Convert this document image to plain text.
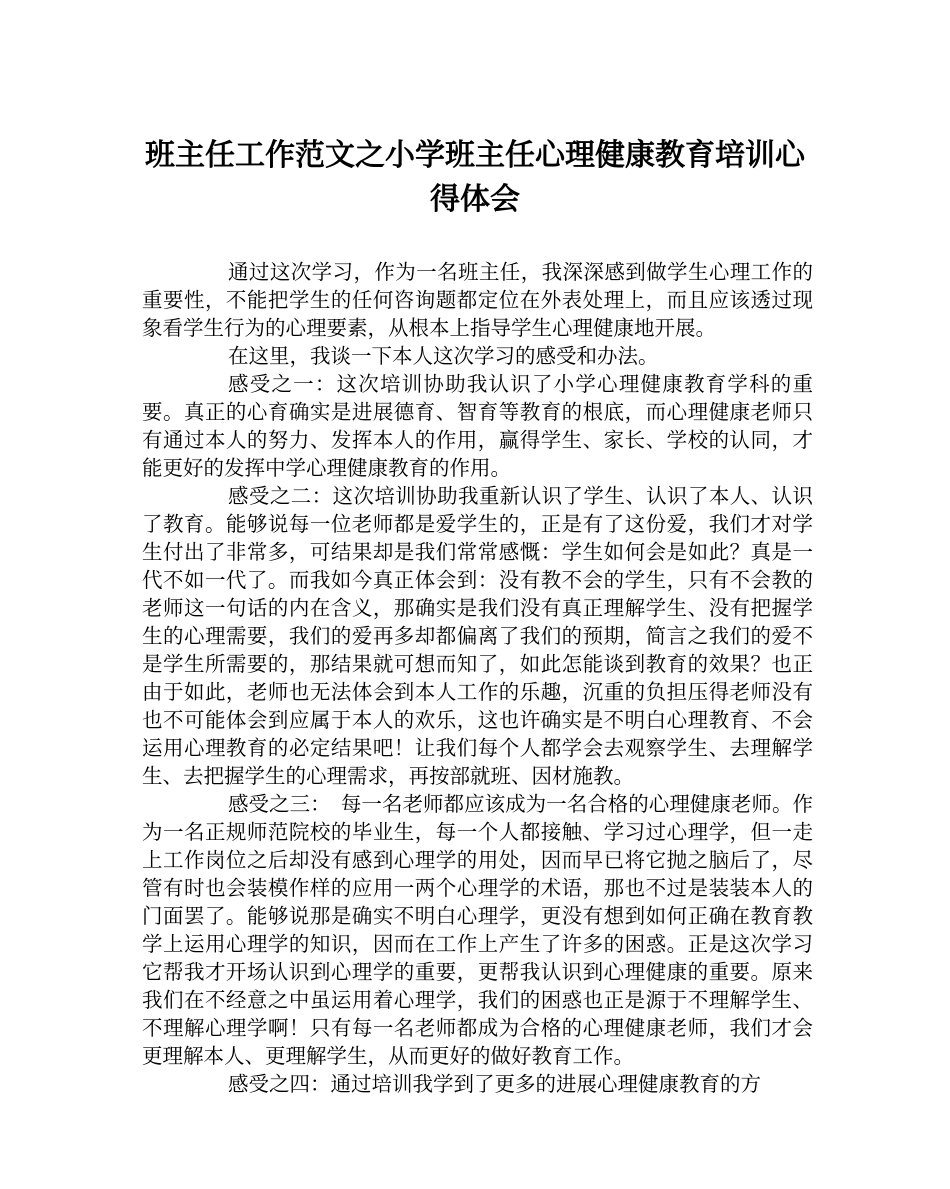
班主任工作范文之小学班主任心理健康教育培训心得体会

通过这次学习，作为一名班主任，我深深感到做学生心理工作的重要性，不能把学生的任何咨询题都定位在外表处理上，而且应该透过现象看学生行为的心理要素，从根本上指导学生心理健康地开展。

在这里，我谈一下本人这次学习的感受和办法。

感受之一：这次培训协助我认识了小学心理健康教育学科的重要。真正的心育确实是进展德育、智育等教育的根底，而心理健康老师只有通过本人的努力、发挥本人的作用，赢得学生、家长、学校的认同，才能更好的发挥中学心理健康教育的作用。

感受之二：这次培训协助我重新认识了学生、认识了本人、认识了教育。能够说每一位老师都是爱学生的，正是有了这份爱，我们才对学生付出了非常多，可结果却是我们常常感慨：学生如何会是如此？真是一代不如一代了。而我如今真正体会到：没有教不会的学生，只有不会教的老师这一句话的内在含义，那确实是我们没有真正理解学生、没有把握学生的心理需要，我们的爱再多却都偏离了我们的预期，简言之我们的爱不是学生所需要的，那结果就可想而知了，如此怎能谈到教育的效果？也正由于如此，老师也无法体会到本人工作的乐趣，沉重的负担压得老师没有也不可能体会到应属于本人的欢乐，这也许确实是不明白心理教育、不会运用心理教育的必定结果吧！让我们每个人都学会去观察学生、去理解学生、去把握学生的心理需求，再按部就班、因材施教。

感受之三：　每一名老师都应该成为一名合格的心理健康老师。作为一名正规师范院校的毕业生，每一个人都接触、学习过心理学，但一走上工作岗位之后却没有感到心理学的用处，因而早已将它抛之脑后了，尽管有时也会装模作样的应用一两个心理学的术语，那也不过是装装本人的门面罢了。能够说那是确实不明白心理学，更没有想到如何正确在教育教学上运用心理学的知识，因而在工作上产生了许多的困惑。正是这次学习它帮我才开场认识到心理学的重要，更帮我认识到心理健康的重要。原来我们在不经意之中虽运用着心理学，我们的困惑也正是源于不理解学生、不理解心理学啊！只有每一名老师都成为合格的心理健康老师，我们才会更理解本人、更理解学生，从而更好的做好教育工作。

感受之四：通过培训我学到了更多的进展心理健康教育的方
